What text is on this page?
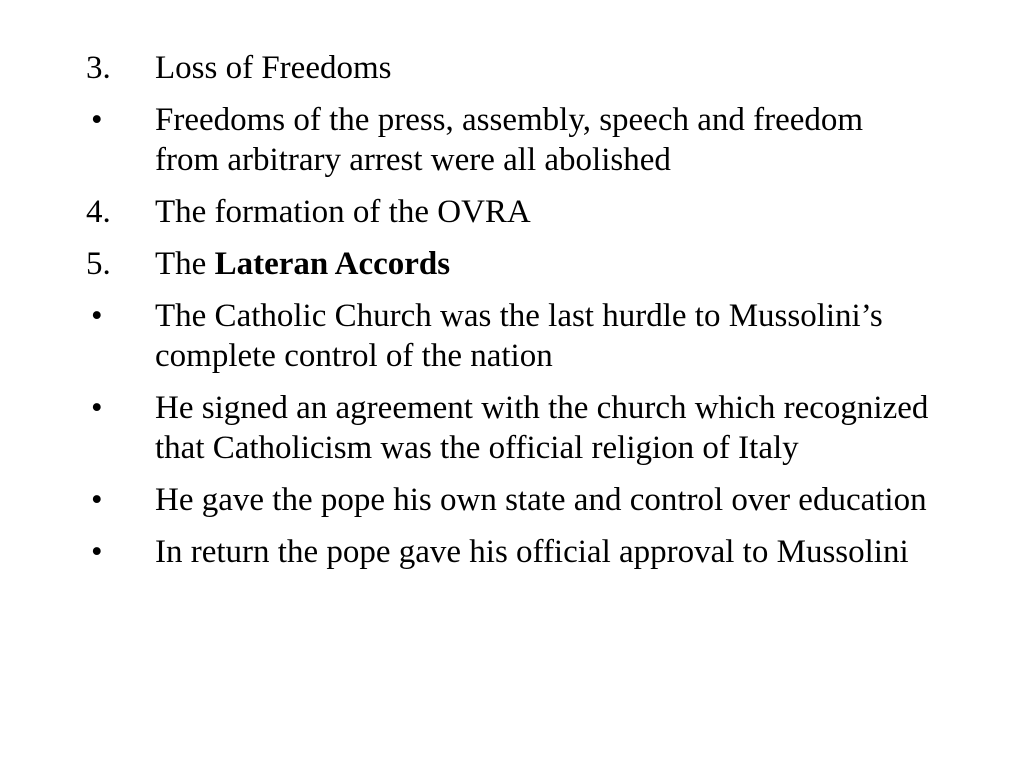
3.	Loss of Freedoms
•	Freedoms of the press, assembly, speech and freedom from arbitrary arrest were all abolished
4.	The formation of the OVRA
5.	The Lateran Accords
•	The Catholic Church was the last hurdle to Mussolini’s complete control of the nation
•	He signed an agreement with the church which recognized that Catholicism was the official religion of Italy
•	He gave the pope his own state and control over education
•	In return the pope gave his official approval to Mussolini
